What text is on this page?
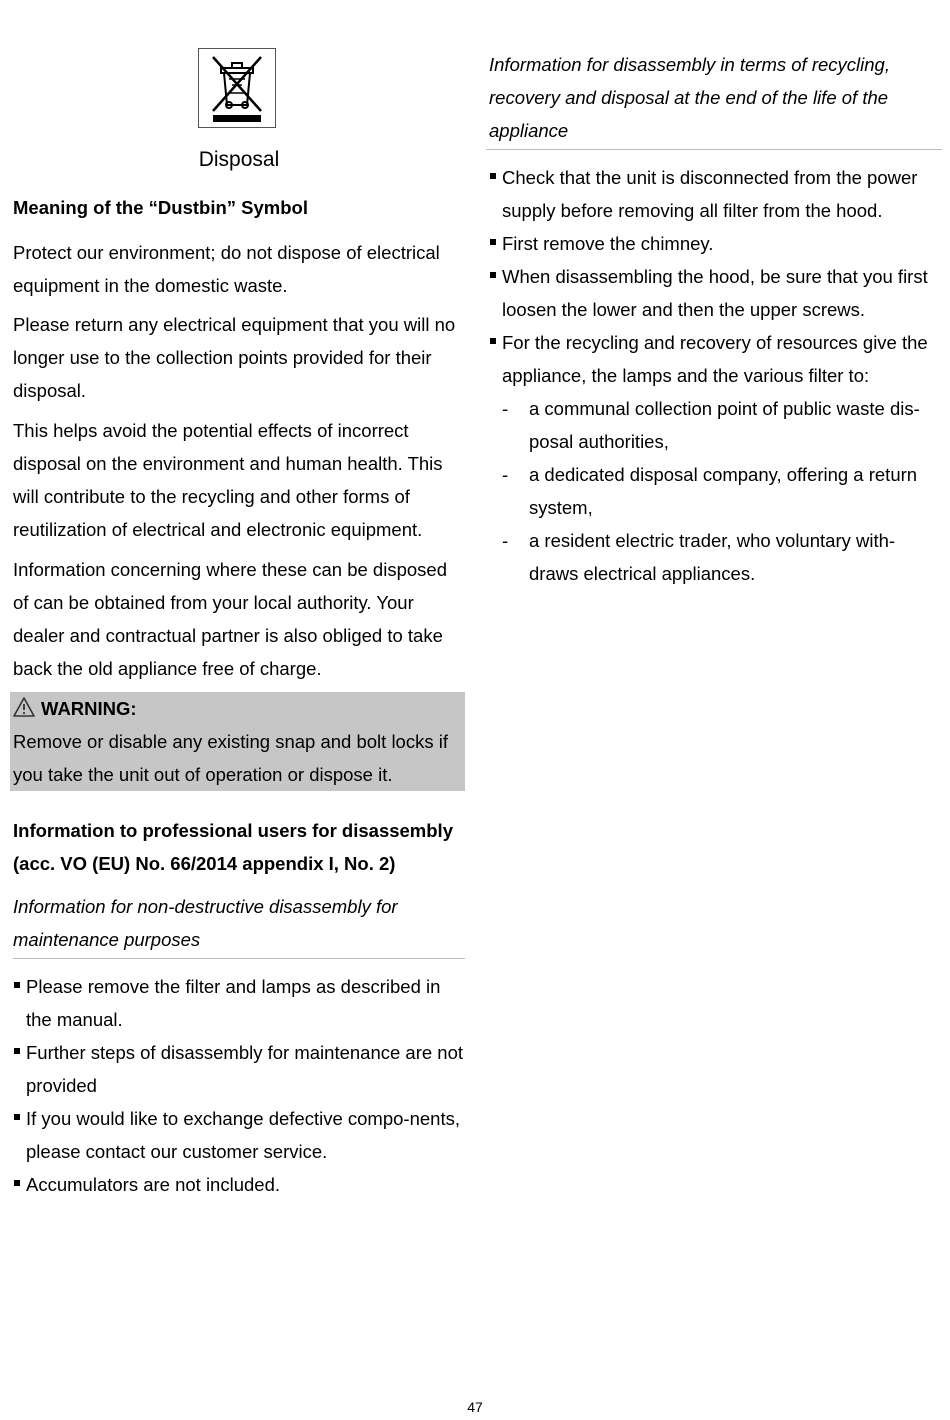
Disposal

Meaning of the “Dustbin” Symbol

Protect our environment; do not dispose of electrical equipment in the domestic waste.

Please return any electrical equipment that you will no longer use to the collection points provided for their disposal.

This helps avoid the potential effects of incorrect disposal on the environment and human health. This will contribute to the recycling and other forms of reutilization of electrical and electronic equipment.

Information concerning where these can be disposed of can be obtained from your local authority. Your dealer and contractual partner is also obliged to take back the old appliance free of charge.

WARNING:

Remove or disable any existing snap and bolt locks if you take the unit out of operation or dispose it.

Information to professional users for disassembly (acc. VO (EU) No. 66/2014 appendix I, No. 2)

Information for non-destructive disassembly for maintenance purposes

Please remove the filter and lamps as described in the manual.

Further steps of disassembly for maintenance are not provided

If you would like to exchange defective compo-nents, please contact our customer service.

Accumulators are not included.

Information for disassembly in terms of recycling, recovery and disposal at the end of the life of the appliance

Check that the unit is disconnected from the power supply before removing all filter from the hood.

First remove the chimney.

When disassembling the hood, be sure that you first loosen the lower and then the upper screws.

For the recycling and recovery of resources give the appliance, the lamps and the various filter to:

- a communal collection point of public waste dis-posal authorities,

- a dedicated disposal company, offering a return system,

- a resident electric trader, who voluntary with-draws electrical appliances.

47
